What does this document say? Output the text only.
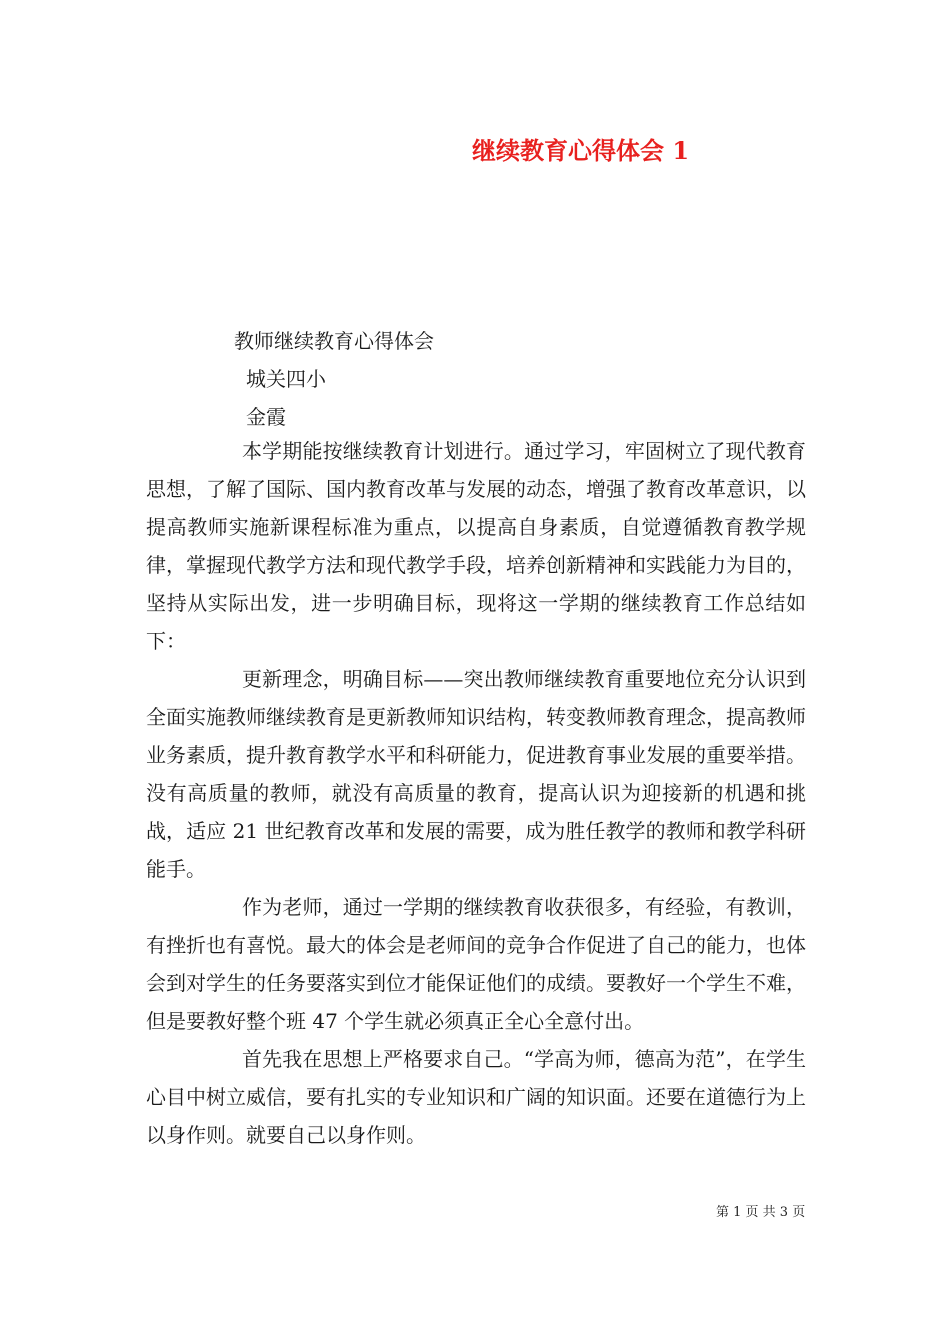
继续教育心得体会 1
教师继续教育心得体会
城关四小
金霞

本学期能按继续教育计划进行。通过学习，牢固树立了现代教育思想，了解了国际、国内教育改革与发展的动态，增强了教育改革意识，以提高教师实施新课程标准为重点，以提高自身素质，自觉遵循教育教学规律，掌握现代教学方法和现代教学手段，培养创新精神和实践能力为目的，坚持从实际出发，进一步明确目标，现将这一学期的继续教育工作总结如下：

更新理念，明确目标——突出教师继续教育重要地位充分认识到全面实施教师继续教育是更新教师知识结构，转变教师教育理念，提高教师业务素质，提升教育教学水平和科研能力，促进教育事业发展的重要举措。没有高质量的教师，就没有高质量的教育，提高认识为迎接新的机遇和挑战，适应 21 世纪教育改革和发展的需要，成为胜任教学的教师和教学科研能手。

作为老师，通过一学期的继续教育收获很多，有经验，有教训，有挫折也有喜悦。最大的体会是老师间的竞争合作促进了自己的能力，也体会到对学生的任务要落实到位才能保证他们的成绩。要教好一个学生不难，但是要教好整个班 47 个学生就必须真正全心全意付出。

首先我在思想上严格要求自己。“学高为师，德高为范”，在学生心目中树立威信，要有扎实的专业知识和广阔的知识面。还要在道德行为上以身作则。就要自己以身作则。

第 1 页 共 3 页
